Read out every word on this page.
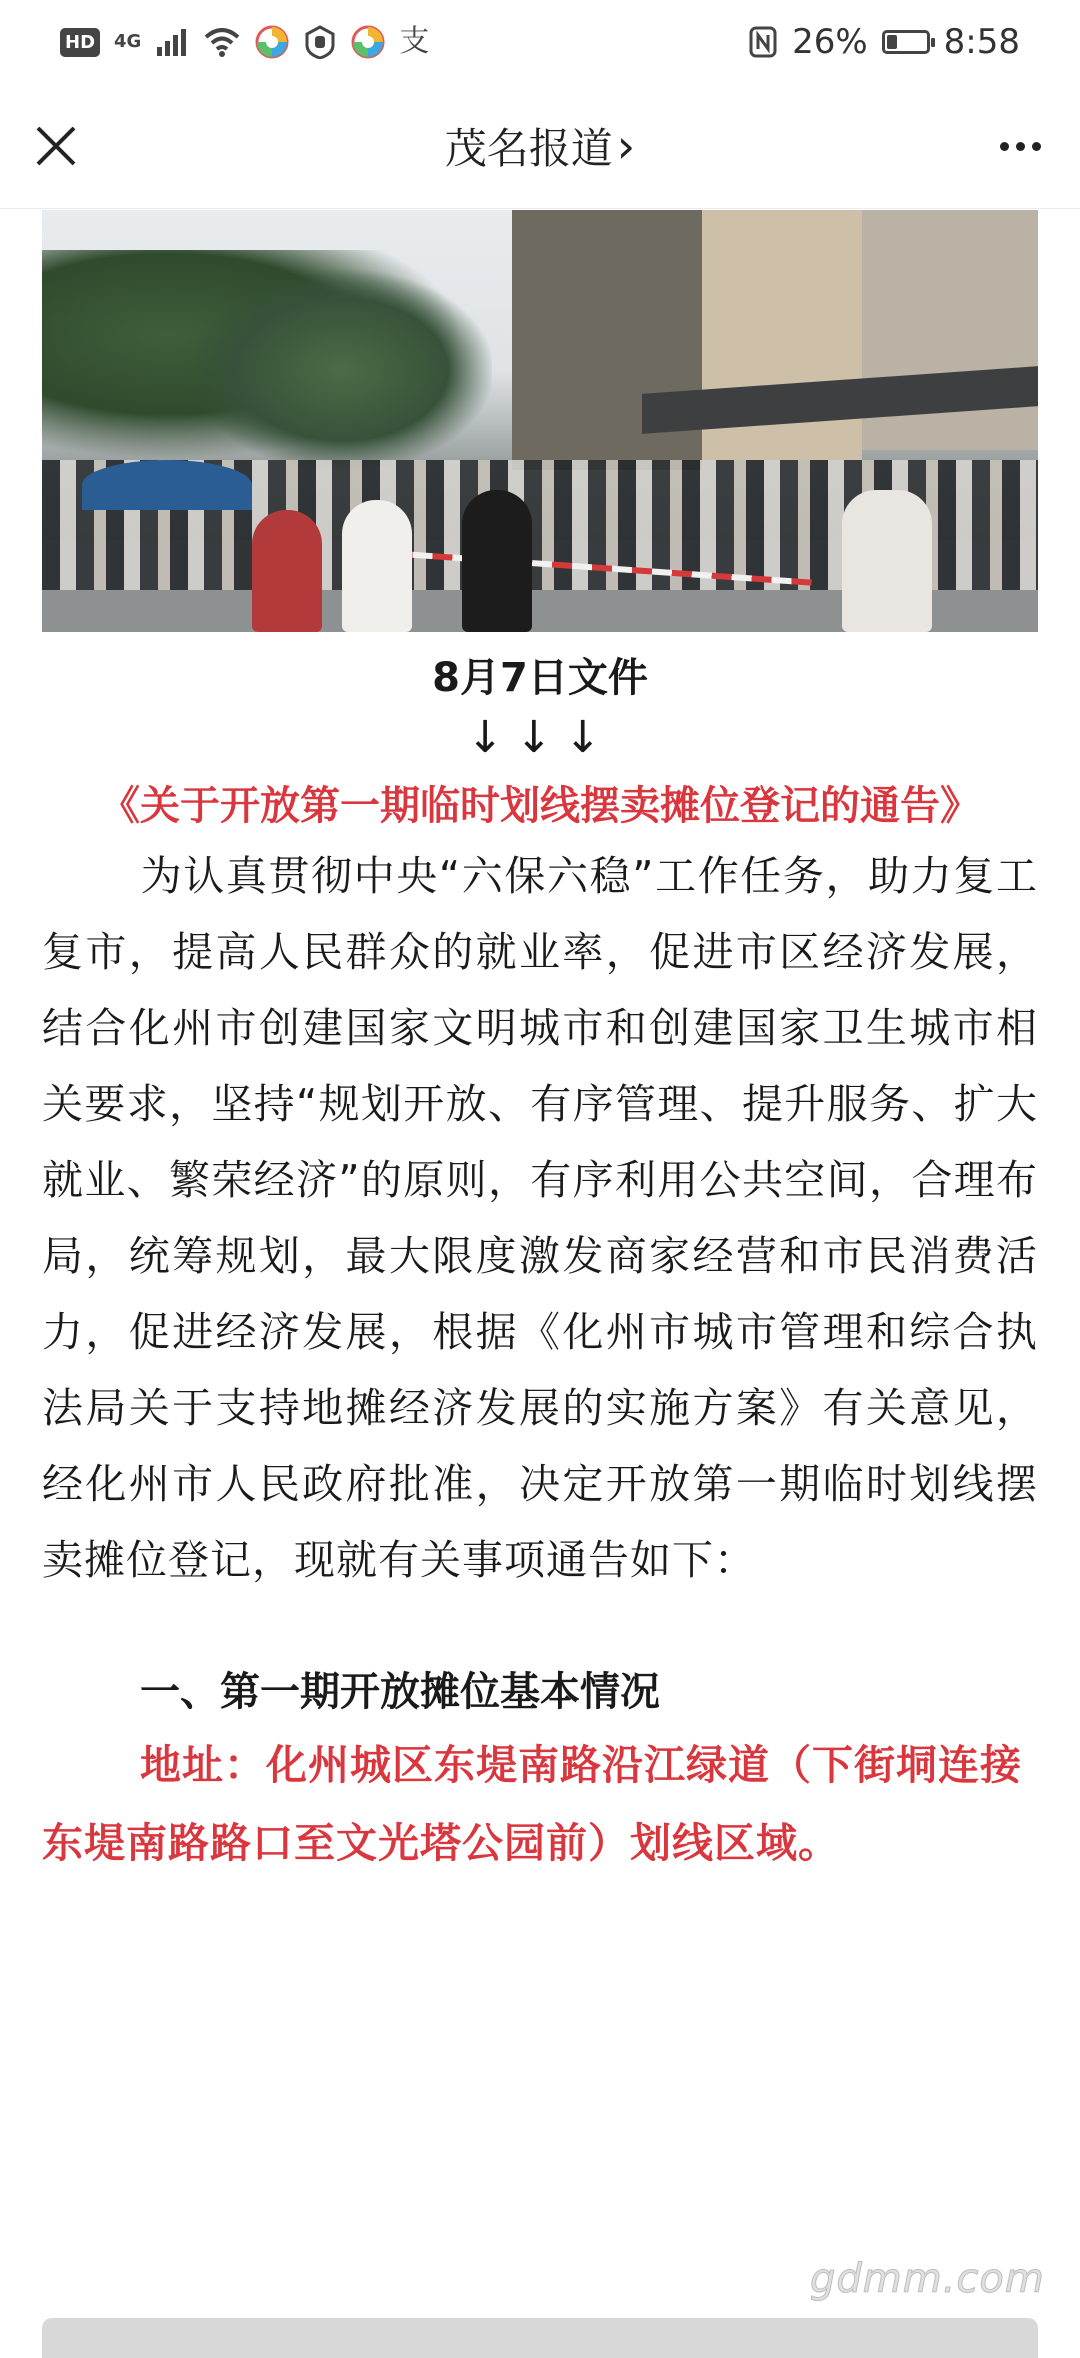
HD 4G	支	26% 8:58
茂名报道 ›
8月7日文件
↓↓↓
《关于开放第一期临时划线摆卖摊位登记的通告》

为认真贯彻中央“六保六稳”工作任务，助力复工复市，提高人民群众的就业率，促进市区经济发展，结合化州市创建国家文明城市和创建国家卫生城市相关要求，坚持“规划开放、有序管理、提升服务、扩大就业、繁荣经济”的原则，有序利用公共空间，合理布局，统筹规划，最大限度激发商家经营和市民消费活力，促进经济发展，根据《化州市城市管理和综合执法局关于支持地摊经济发展的实施方案》有关意见，经化州市人民政府批准，决定开放第一期临时划线摆卖摊位登记，现就有关事项通告如下：

一、第一期开放摊位基本情况

地址：化州城区东堤南路沿江绿道（下街垌连接东堤南路路口至文光塔公园前）划线区域。

gdmm.com
